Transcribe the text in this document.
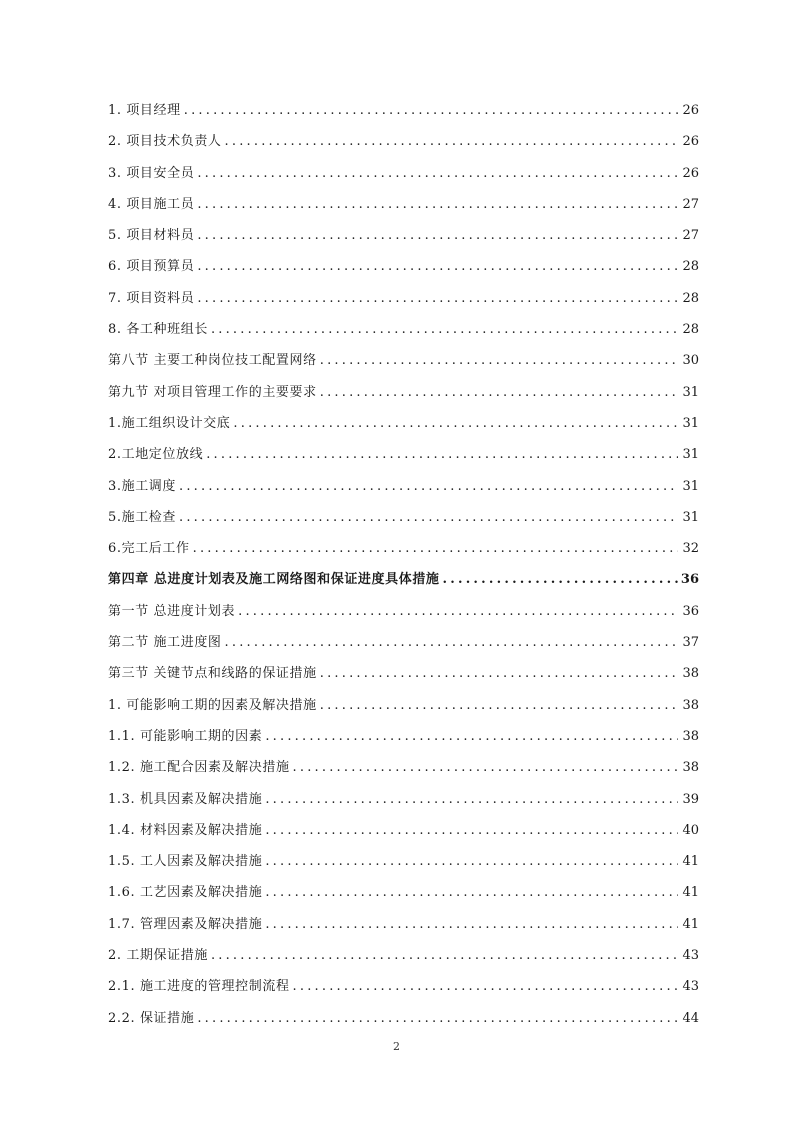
1. 项目经理 .....	26
2. 项目技术负责人 .....	26
3. 项目安全员 .....	26
4. 项目施工员 .....	27
5. 项目材料员 .....	27
6. 项目预算员 .....	28
7. 项目资料员 .....	28
8. 各工种班组长 .....	28
第八节 主要工种岗位技工配置网络 .....	30
第九节 对项目管理工作的主要要求 .....	31
1.施工组织设计交底 .....	31
2.工地定位放线 .....	31
3.施工调度 .....	31
5.施工检查 .....	31
6.完工后工作 .....	32
第四章 总进度计划表及施工网络图和保证进度具体措施 .....	36
第一节 总进度计划表 .....	36
第二节 施工进度图 .....	37
第三节 关键节点和线路的保证措施 .....	38
1. 可能影响工期的因素及解决措施 .....	38
1.1. 可能影响工期的因素 .....	38
1.2. 施工配合因素及解决措施 .....	38
1.3. 机具因素及解决措施 .....	39
1.4. 材料因素及解决措施 .....	40
1.5. 工人因素及解决措施 .....	41
1.6. 工艺因素及解决措施 .....	41
1.7. 管理因素及解决措施 .....	41
2. 工期保证措施 .....	43
2.1. 施工进度的管理控制流程 .....	43
2.2. 保证措施 .....	44
2
